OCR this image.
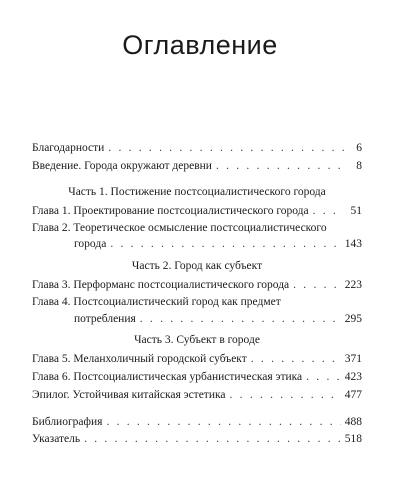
Оглавление
Благодарности . . .	6
Введение. Города окружают деревни . . .	8
Часть 1. Постижение постсоциалистического города
Глава 1. Проектирование постсоциалистического города . . .	51
Глава 2. Теоретическое осмысление постсоциалистического
города . . .	143
Часть 2. Город как субъект
Глава 3. Перформанс постсоциалистического города . . .	223
Глава 4. Постсоциалистический город как предмет
потребления . . .	295
Часть 3. Субъект в городе
Глава 5. Меланхоличный городской субъект . . .	371
Глава 6. Постсоциалистическая урбанистическая этика . . .	423
Эпилог. Устойчивая китайская эстетика . . .	477
Библиография . . .	488
Указатель . . .	518
